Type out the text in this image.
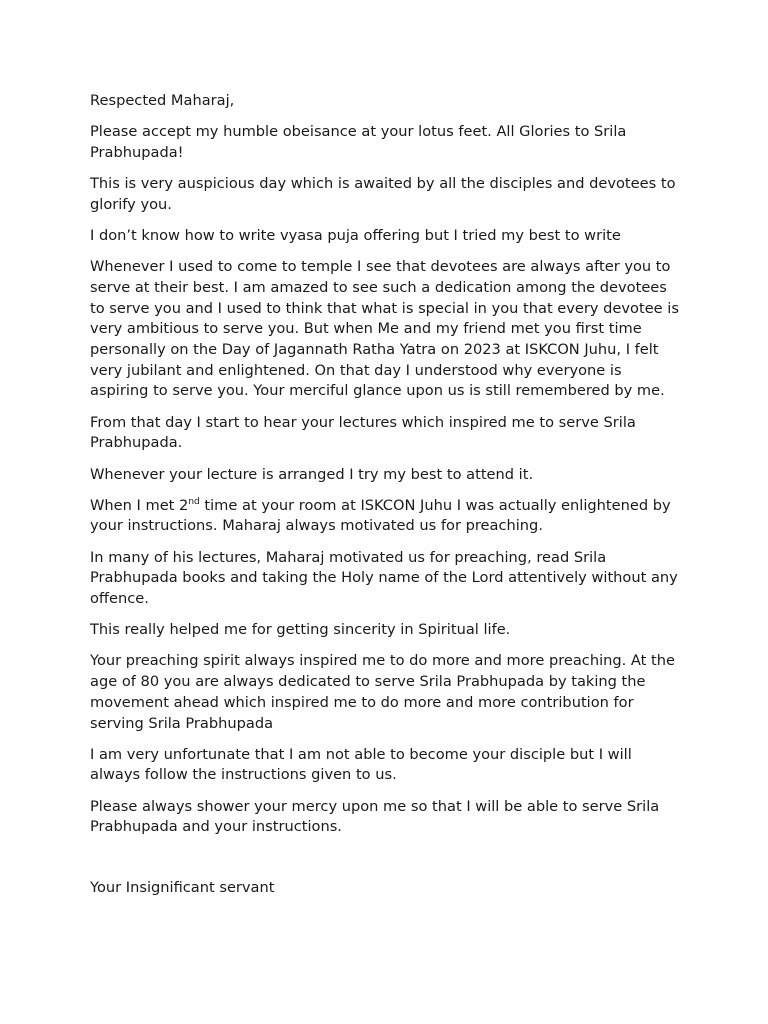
Respected Maharaj,

Please accept my humble obeisance at your lotus feet. All Glories to Srila Prabhupada!

This is very auspicious day which is awaited by all the disciples and devotees to glorify you.

I don’t know how to write vyasa puja offering but I tried my best to write

Whenever I used to come to temple I see that devotees are always after you to serve at their best. I am amazed to see such a dedication among the devotees to serve you and I used to think that what is special in you that every devotee is very ambitious to serve you. But when Me and my friend met you first time personally on the Day of Jagannath Ratha Yatra on 2023 at ISKCON Juhu, I felt very jubilant and enlightened. On that day I understood why everyone is aspiring to serve you. Your merciful glance upon us is still remembered by me.

From that day I start to hear your lectures which inspired me to serve Srila Prabhupada.

Whenever your lecture is arranged I try my best to attend it.

When I met 2nd time at your room at ISKCON Juhu I was actually enlightened by your instructions. Maharaj always motivated us for preaching.

In many of his lectures, Maharaj motivated us for preaching, read Srila Prabhupada books and taking the Holy name of the Lord attentively without any offence.

This really helped me for getting sincerity in Spiritual life.

Your preaching spirit always inspired me to do more and more preaching. At the age of 80 you are always dedicated to serve Srila Prabhupada by taking the movement ahead which inspired me to do more and more contribution for serving Srila Prabhupada

I am very unfortunate that I am not able to become your disciple but I will always follow the instructions given to us.

Please always shower your mercy upon me so that I will be able to serve Srila Prabhupada and your instructions.

Your Insignificant servant
